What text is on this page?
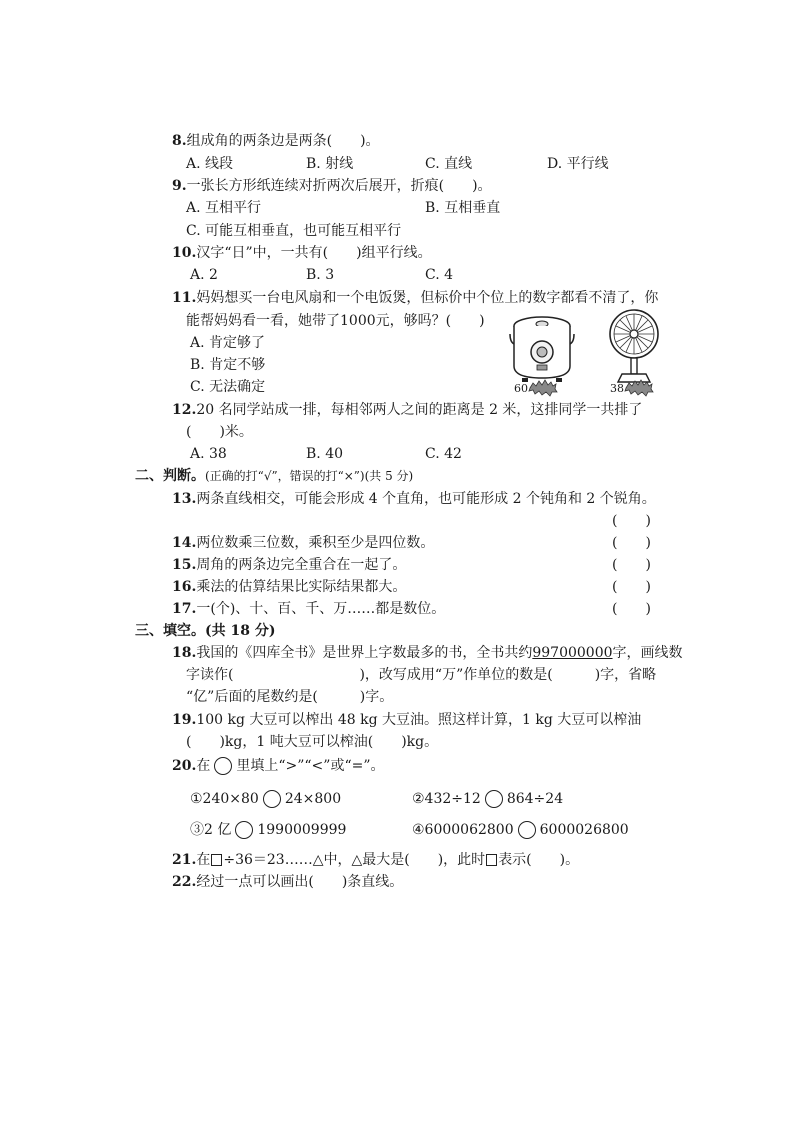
8.组成角的两条边是两条(　　)。
A. 线段	B. 射线	C. 直线	D. 平行线
9.一张长方形纸连续对折两次后展开，折痕(　　)。
A. 互相平行	B. 互相垂直
C. 可能互相垂直，也可能互相平行
10.汉字“日”中，一共有(　　)组平行线。
A. 2	B. 3	C. 4
11.妈妈想买一台电风扇和一个电饭煲，但标价中个位上的数字都看不清了，你
能帮妈妈看一看，她带了1000元，够吗？(　　)
A. 肯定够了
B. 肯定不够
C. 无法确定	60	38
12.20 名同学站成一排，每相邻两人之间的距离是 2 米，这排同学一共排了
(　　)米。
A. 38	B. 40	C. 42
二、判断。(正确的打“√”，错误的打“×”)(共 5 分)
13.两条直线相交，可能会形成 4 个直角，也可能形成 2 个钝角和 2 个锐角。
(　　)
14.两位数乘三位数，乘积至少是四位数。	(　　)
15.周角的两条边完全重合在一起了。	(　　)
16.乘法的估算结果比实际结果都大。	(　　)
17.一(个)、十、百、千、万……都是数位。	(　　)
三、填空。(共 18 分)
18.我国的《四库全书》是世界上字数最多的书，全书共约997000000字，画线数
字读作(　　　　　　　　　)，改写成用“万”作单位的数是(　　　)字，省略
“亿”后面的尾数约是(　　　)字。
19.100 kg 大豆可以榨出 48 kg 大豆油。照这样计算，1 kg 大豆可以榨油
(　　)kg，1 吨大豆可以榨油(　　)kg。
20.在 里填上“>”“<”或“=”。
①240×80 24×800	②432÷12 864÷24
③2 亿 1990009999	④6000062800 6000026800
21.在 ÷36＝23……△中，△最大是(　　)，此时 表示(　　)。
22.经过一点可以画出(　　)条直线。
